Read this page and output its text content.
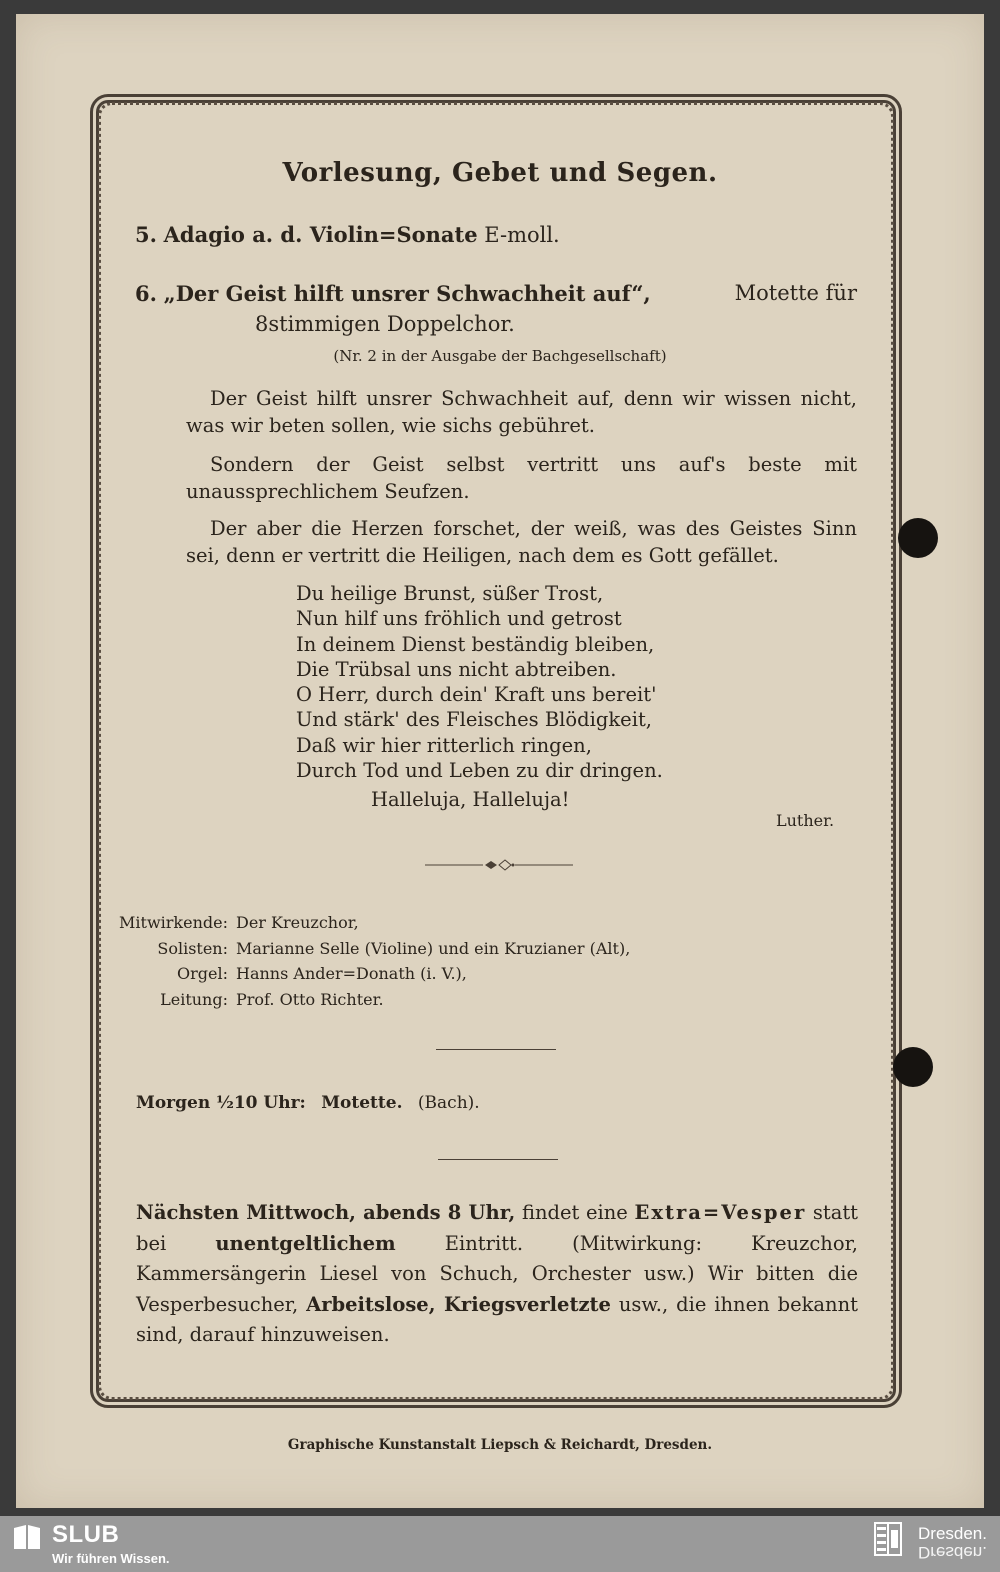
Vorlesung, Gebet und Segen.
5. Adagio a. d. Violin=Sonate E-moll.
6. „Der Geist hilft unsrer Schwachheit auf“,	Motette für
8stimmigen Doppelchor.
(Nr. 2 in der Ausgabe der Bachgesellschaft)
Der Geist hilft unsrer Schwachheit auf, denn wir wissen nicht, was wir beten sollen, wie sichs gebühret.
Sondern der Geist selbst vertritt uns auf's beste mit unaussprechlichem Seufzen.
Der aber die Herzen forschet, der weiß, was des Geistes Sinn sei, denn er vertritt die Heiligen, nach dem es Gott gefället.
Du heilige Brunst, süßer Trost,
Nun hilf uns fröhlich und getrost
In deinem Dienst beständig bleiben,
Die Trübsal uns nicht abtreiben.
O Herr, durch dein' Kraft uns bereit'
Und stärk' des Fleisches Blödigkeit,
Daß wir hier ritterlich ringen,
Durch Tod und Leben zu dir dringen.
Halleluja, Halleluja!
Luther.
Mitwirkende: Der Kreuzchor,
Solisten: Marianne Selle (Violine) und ein Kruzianer (Alt),
Orgel: Hanns Ander=Donath (i. V.),
Leitung: Prof. Otto Richter.
Morgen ½10 Uhr: Motette. (Bach).
Nächsten Mittwoch, abends 8 Uhr, findet eine Extra=Vesper statt bei unentgeltlichem Eintritt. (Mitwirkung: Kreuzchor, Kammersängerin Liesel von Schuch, Orchester usw.) Wir bitten die Vesperbesucher, Arbeitslose, Kriegsverletzte usw., die ihnen bekannt sind, darauf hinzuweisen.
Graphische Kunstanstalt Liepsch & Reichardt, Dresden.
SLUB
Wir führen Wissen.
Dresden.
Dresden.
